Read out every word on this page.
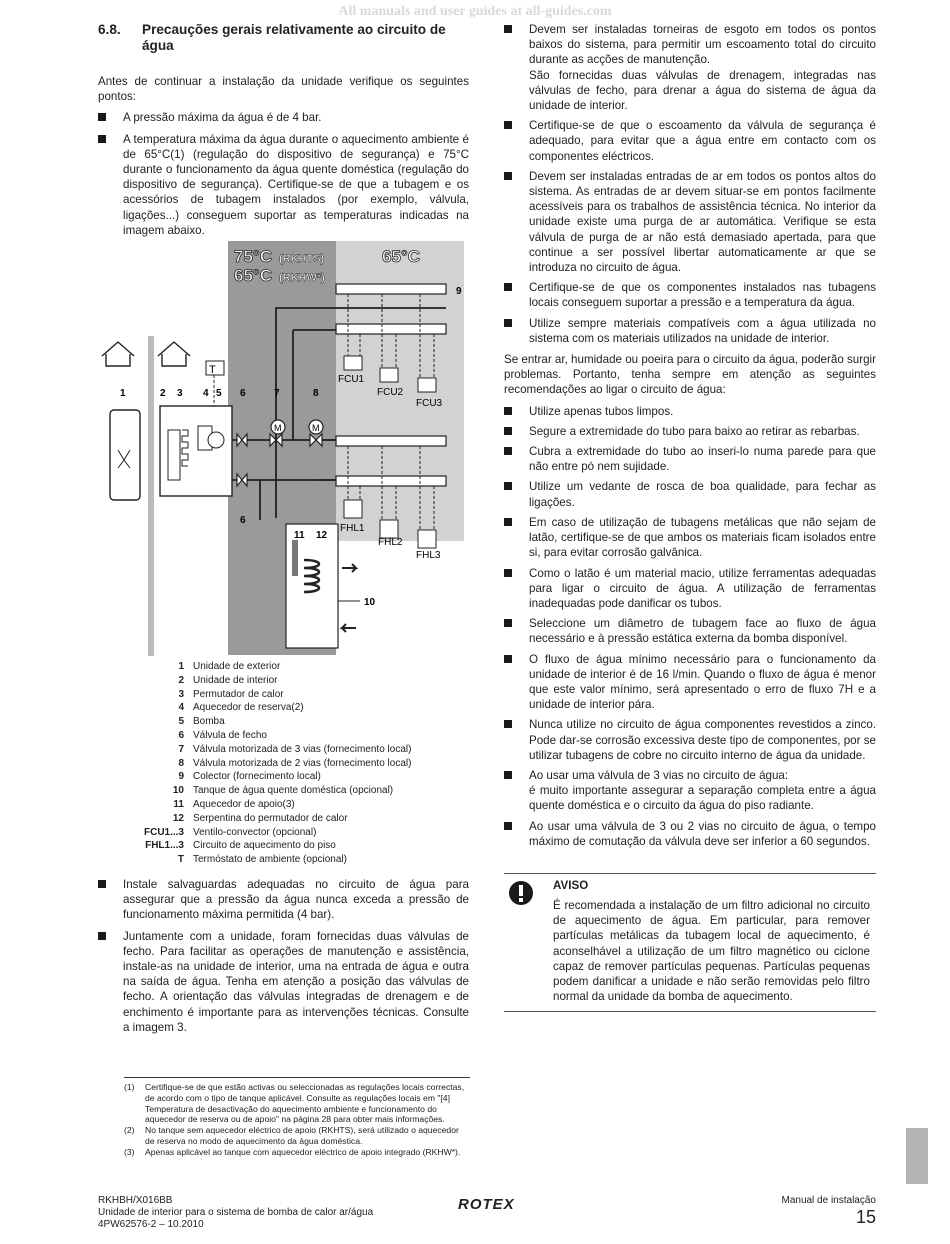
All manuals and user guides at all-guides.com
6.8.	Precauções gerais relativamente ao circuito de água

Antes de continuar a instalação da unidade verifique os seguintes pontos:

A pressão máxima da água é de 4 bar.
A temperatura máxima da água durante o aquecimento ambiente é de 65°C(1) (regulação do dispositivo de segurança) e 75°C durante o funcionamento da água quente doméstica (regulação do dispositivo de segurança). Certifique-se de que a tubagem e os acessórios de tubagem instalados (por exemplo, válvula, ligações...) conseguem suportar as temperaturas indicadas na imagem abaixo.
75°C (RKHTS)
65°C (RKHW*)
65°C
T
9
FCU1
FCU2
FCU3
FHL1
FHL2
FHL3
M	M
11 12
10
1	2 3 4 5 6	7	8
6
1 Unidade de exterior
2 Unidade de interior
3 Permutador de calor
4 Aquecedor de reserva(2)
5 Bomba
6 Válvula de fecho
7 Válvula motorizada de 3 vias (fornecimento local)
8 Válvula motorizada de 2 vias (fornecimento local)
9 Colector (fornecimento local)
10 Tanque de água quente doméstica (opcional)
11 Aquecedor de apoio(3)
12 Serpentina do permutador de calor
FCU1...3 Ventilo-convector (opcional)
FHL1...3 Circuito de aquecimento do piso
T Termóstato de ambiente (opcional)
Instale salvaguardas adequadas no circuito de água para assegurar que a pressão da água nunca exceda a pressão de funcionamento máxima permitida (4 bar).
Juntamente com a unidade, foram fornecidas duas válvulas de fecho. Para facilitar as operações de manutenção e assistência, instale-as na unidade de interior, uma na entrada de água e outra na saída de água. Tenha em atenção a posição das válvulas de fecho. A orientação das válvulas integradas de drenagem e de enchimento é importante para as intervenções técnicas. Consulte a imagem 3.
(1)	Certifique-se de que estão activas ou seleccionadas as regulações locais correctas, de acordo com o tipo de tanque aplicável. Consulte as regulações locais em "[4] Temperatura de desactivação do aquecimento ambiente e funcionamento do aquecedor de reserva ou de apoio" na página 28 para obter mais informações.
(2)	No tanque sem aquecedor eléctrico de apoio (RKHTS), será utilizado o aquecedor de reserva no modo de aquecimento da água doméstica.
(3)	Apenas aplicável ao tanque com aquecedor eléctrico de apoio integrado (RKHW*).
Devem ser instaladas torneiras de esgoto em todos os pontos baixos do sistema, para permitir um escoamento total do circuito durante as acções de manutenção.
São fornecidas duas válvulas de drenagem, integradas nas válvulas de fecho, para drenar a água do sistema de água da unidade de interior.
Certifique-se de que o escoamento da válvula de segurança é adequado, para evitar que a água entre em contacto com os componentes eléctricos.
Devem ser instaladas entradas de ar em todos os pontos altos do sistema. As entradas de ar devem situar-se em pontos facilmente acessíveis para os trabalhos de assistência técnica. No interior da unidade existe uma purga de ar automática. Verifique se esta válvula de purga de ar não está demasiado apertada, para que continue a ser possível libertar automaticamente ar que se introduza no circuito de água.
Certifique-se de que os componentes instalados nas tubagens locais conseguem suportar a pressão e a temperatura da água.
Utilize sempre materiais compatíveis com a água utilizada no sistema com os materiais utilizados na unidade de interior.

Se entrar ar, humidade ou poeira para o circuito da água, poderão surgir problemas. Portanto, tenha sempre em atenção as seguintes recomendações ao ligar o circuito de água:

Utilize apenas tubos limpos.
Segure a extremidade do tubo para baixo ao retirar as rebarbas.
Cubra a extremidade do tubo ao inseri-lo numa parede para que não entre pó nem sujidade.
Utilize um vedante de rosca de boa qualidade, para fechar as ligações.
Em caso de utilização de tubagens metálicas que não sejam de latão, certifique-se de que ambos os materiais ficam isolados entre si, para evitar corrosão galvânica.
Como o latão é um material macio, utilize ferramentas adequadas para ligar o circuito de água. A utilização de ferramentas inadequadas pode danificar os tubos.
Seleccione um diâmetro de tubagem face ao fluxo de água necessário e à pressão estática externa da bomba disponível.
O fluxo de água mínimo necessário para o funcionamento da unidade de interior é de 16 l/min. Quando o fluxo de água é menor que este valor mínimo, será apresentado o erro de fluxo 7H e a unidade de interior pára.
Nunca utilize no circuito de água componentes revestidos a zinco. Pode dar-se corrosão excessiva deste tipo de componentes, por se utilizar tubagens de cobre no circuito interno de água da unidade.
Ao usar uma válvula de 3 vias no circuito de água:
é muito importante assegurar a separação completa entre a água quente doméstica e o circuito da água do piso radiante.
Ao usar uma válvula de 3 ou 2 vias no circuito de água, o tempo máximo de comutação da válvula deve ser inferior a 60 segundos.
AVISO
É recomendada a instalação de um filtro adicional no circuito de aquecimento de água. Em particular, para remover partículas metálicas da tubagem local de aquecimento, é aconselhável a utilização de um filtro magnético ou ciclone capaz de remover partículas pequenas. Partículas pequenas podem danificar a unidade e não serão removidas pelo filtro normal da unidade da bomba de aquecimento.
RKHBH/X016BB
Unidade de interior para o sistema de bomba de calor ar/água
4PW62576-2 – 10.2010
ROTEX	Manual de instalação
15
